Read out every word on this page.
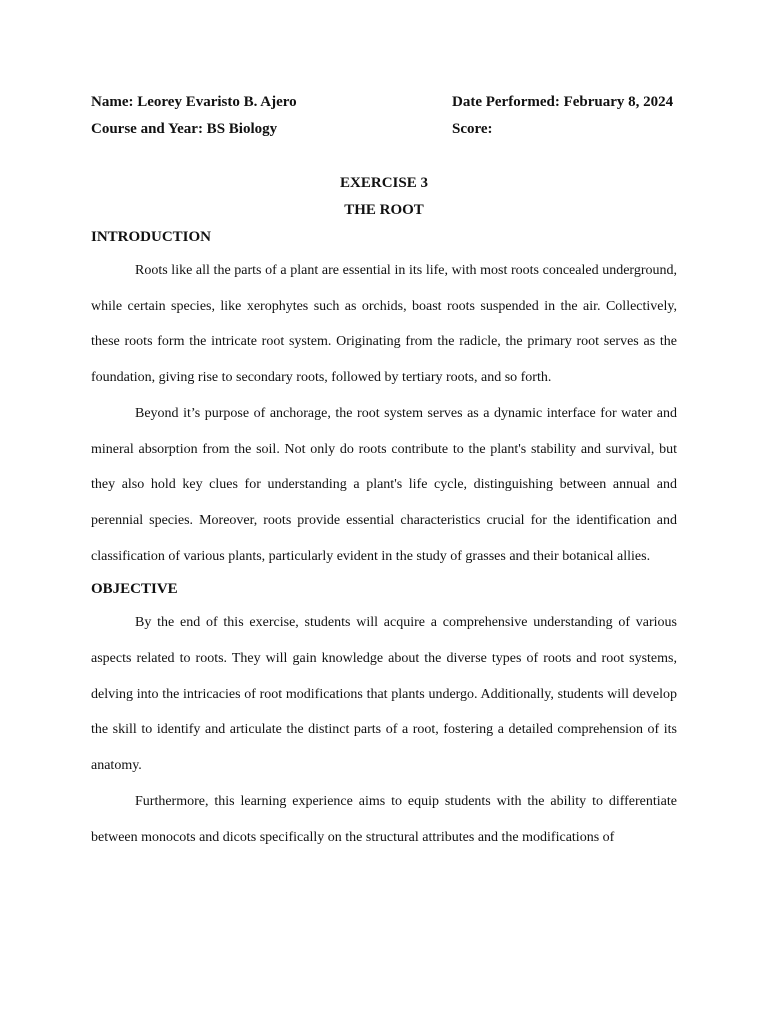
Name: Leorey Evaristo B. Ajero	Date Performed: February 8, 2024
Course and Year: BS Biology	Score:
EXERCISE 3
THE ROOT
INTRODUCTION

Roots like all the parts of a plant are essential in its life, with most roots concealed underground, while certain species, like xerophytes such as orchids, boast roots suspended in the air. Collectively, these roots form the intricate root system. Originating from the radicle, the primary root serves as the foundation, giving rise to secondary roots, followed by tertiary roots, and so forth.

Beyond it’s purpose of anchorage, the root system serves as a dynamic interface for water and mineral absorption from the soil. Not only do roots contribute to the plant's stability and survival, but they also hold key clues for understanding a plant's life cycle, distinguishing between annual and perennial species. Moreover, roots provide essential characteristics crucial for the identification and classification of various plants, particularly evident in the study of grasses and their botanical allies.

OBJECTIVE

By the end of this exercise, students will acquire a comprehensive understanding of various aspects related to roots. They will gain knowledge about the diverse types of roots and root systems, delving into the intricacies of root modifications that plants undergo. Additionally, students will develop the skill to identify and articulate the distinct parts of a root, fostering a detailed comprehension of its anatomy.

Furthermore, this learning experience aims to equip students with the ability to differentiate between monocots and dicots specifically on the structural attributes and the modifications of
